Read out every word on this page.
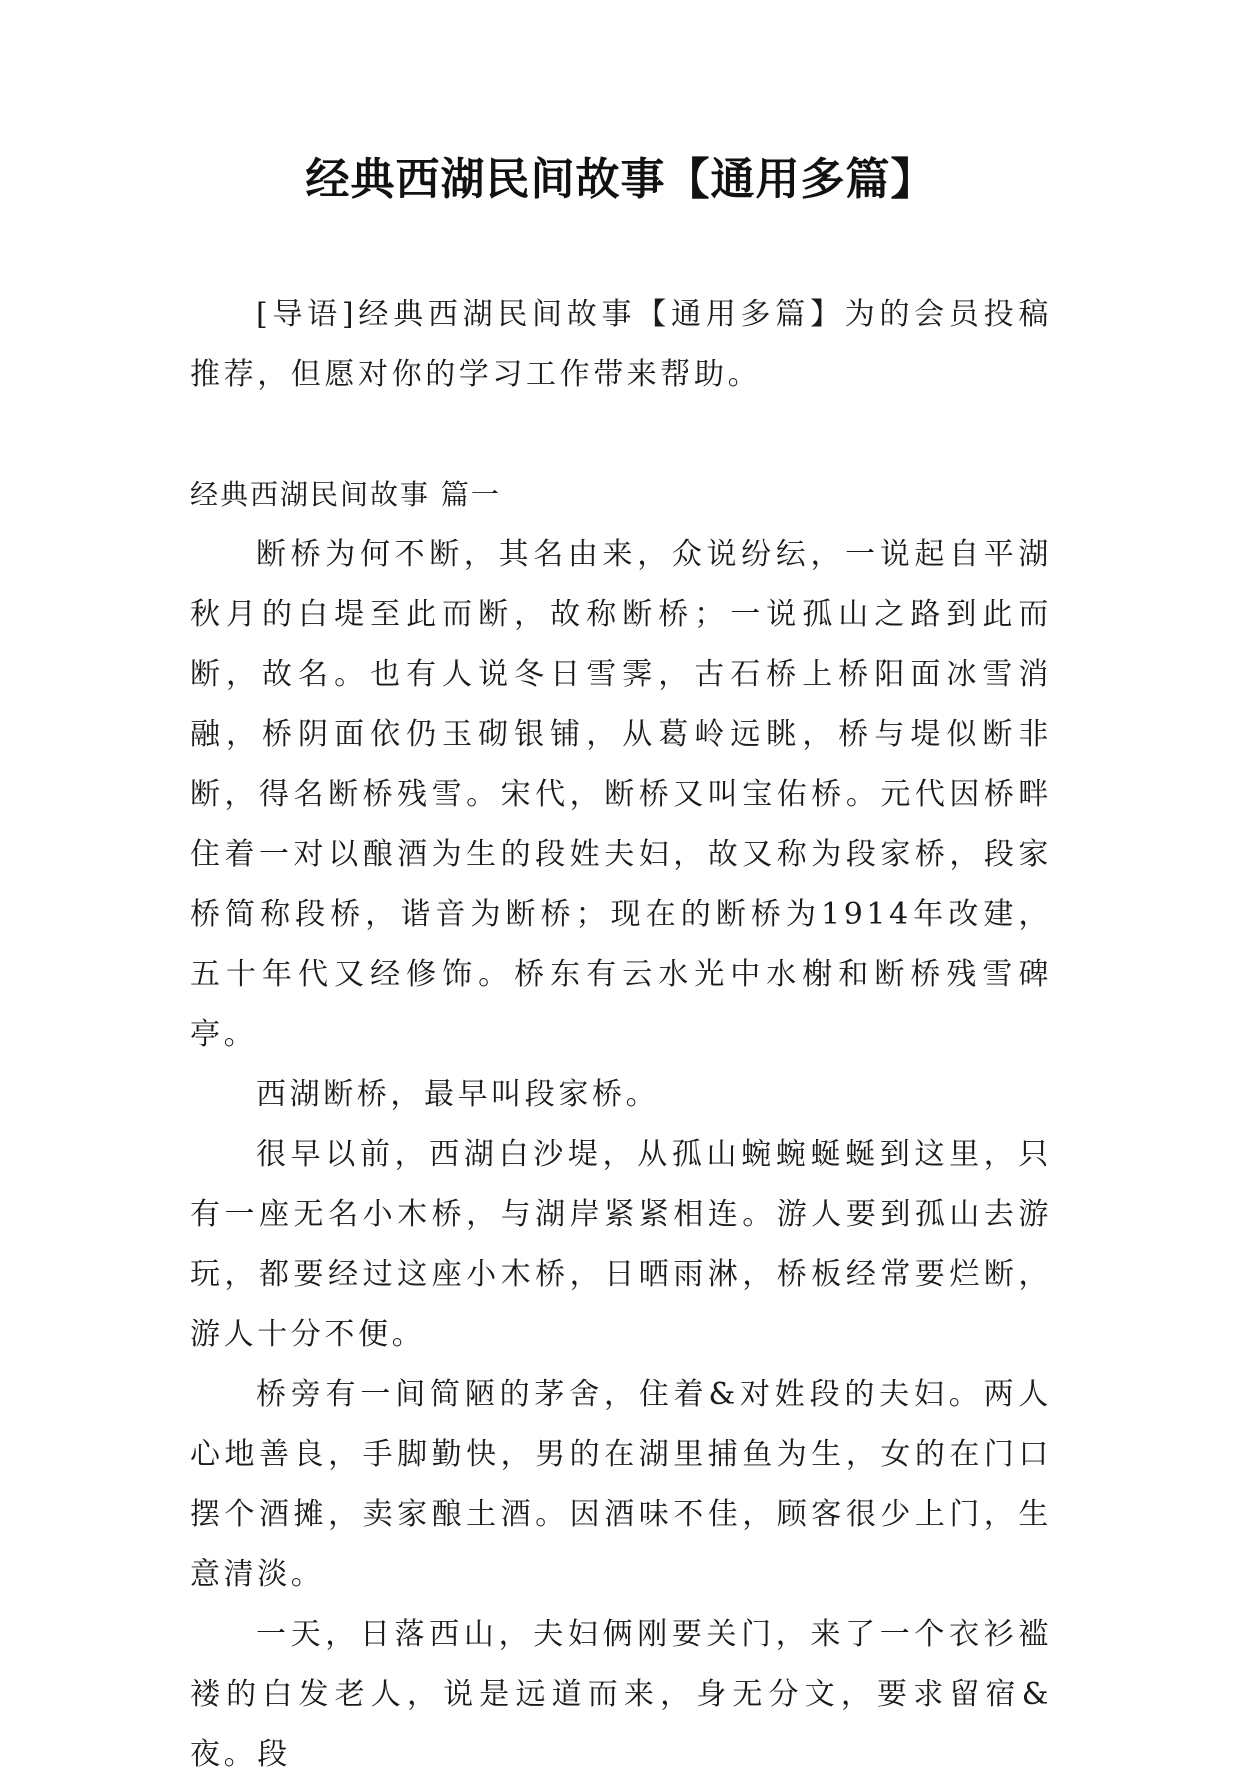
经典西湖民间故事【通用多篇】

[导语]经典西湖民间故事【通用多篇】为的会员投稿推荐，但愿对你的学习工作带来帮助。

经典西湖民间故事 篇一

断桥为何不断，其名由来，众说纷纭，一说起自平湖秋月的白堤至此而断，故称断桥；一说孤山之路到此而断，故名。也有人说冬日雪霁，古石桥上桥阳面冰雪消融，桥阴面依仍玉砌银铺，从葛岭远眺，桥与堤似断非断，得名断桥残雪。宋代，断桥又叫宝佑桥。元代因桥畔住着一对以酿酒为生的段姓夫妇，故又称为段家桥，段家桥简称段桥，谐音为断桥；现在的断桥为1914年改建，五十年代又经修饰。桥东有云水光中水榭和断桥残雪碑亭。

西湖断桥，最早叫段家桥。

很早以前，西湖白沙堤，从孤山蜿蜿蜒蜒到这里，只有一座无名小木桥，与湖岸紧紧相连。游人要到孤山去游玩，都要经过这座小木桥，日晒雨淋，桥板经常要烂断，游人十分不便。

桥旁有一间简陋的茅舍，住着&对姓段的夫妇。两人心地善良，手脚勤快，男的在湖里捕鱼为生，女的在门口摆个酒摊，卖家酿土酒。因酒味不佳，顾客很少上门，生意清淡。

一天，日落西山，夫妇俩刚要关门，来了一个衣衫褴褛的白发老人，说是远道而来，身无分文，要求留宿&夜。段
